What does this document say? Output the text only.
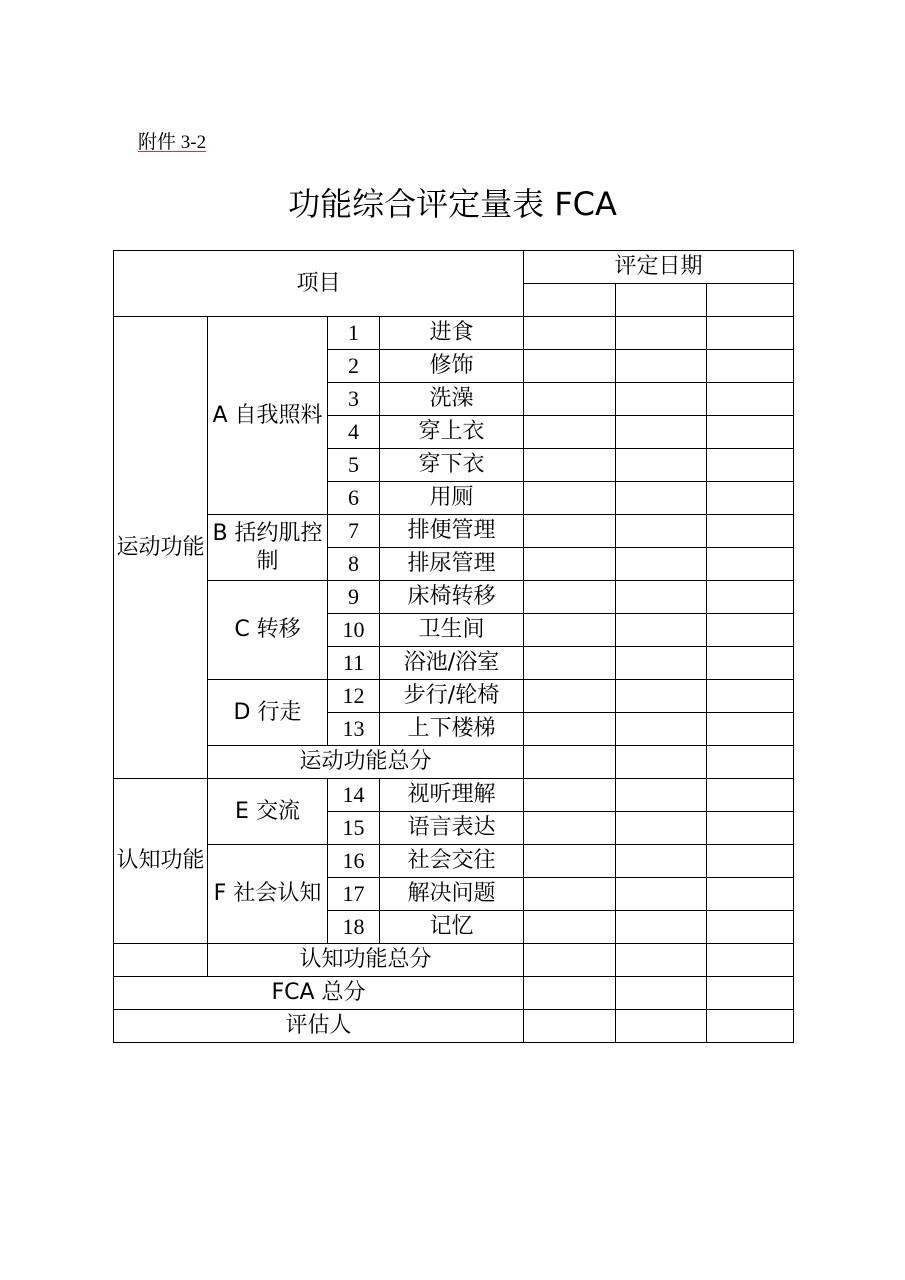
附件 3-2
功能综合评定量表 FCA
项目				评定日期		

运动功能	A 自我照料	1	进食			
		2	修饰			
		3	洗澡			
		4	穿上衣			
		5	穿下衣			
		6	用厕			
	B 括约肌控制	7	排便管理			
		8	排尿管理			
	C 转移	9	床椅转移			
		10	卫生间			
		11	浴池/浴室			
	D 行走	12	步行/轮椅			
		13	上下楼梯			
	运动功能总分					
认知功能	E 交流	14	视听理解			
		15	语言表达			
	F 社会认知	16	社会交往			
		17	解决问题			
		18	记忆			
	认知功能总分					
FCA 总分						
评估人						
